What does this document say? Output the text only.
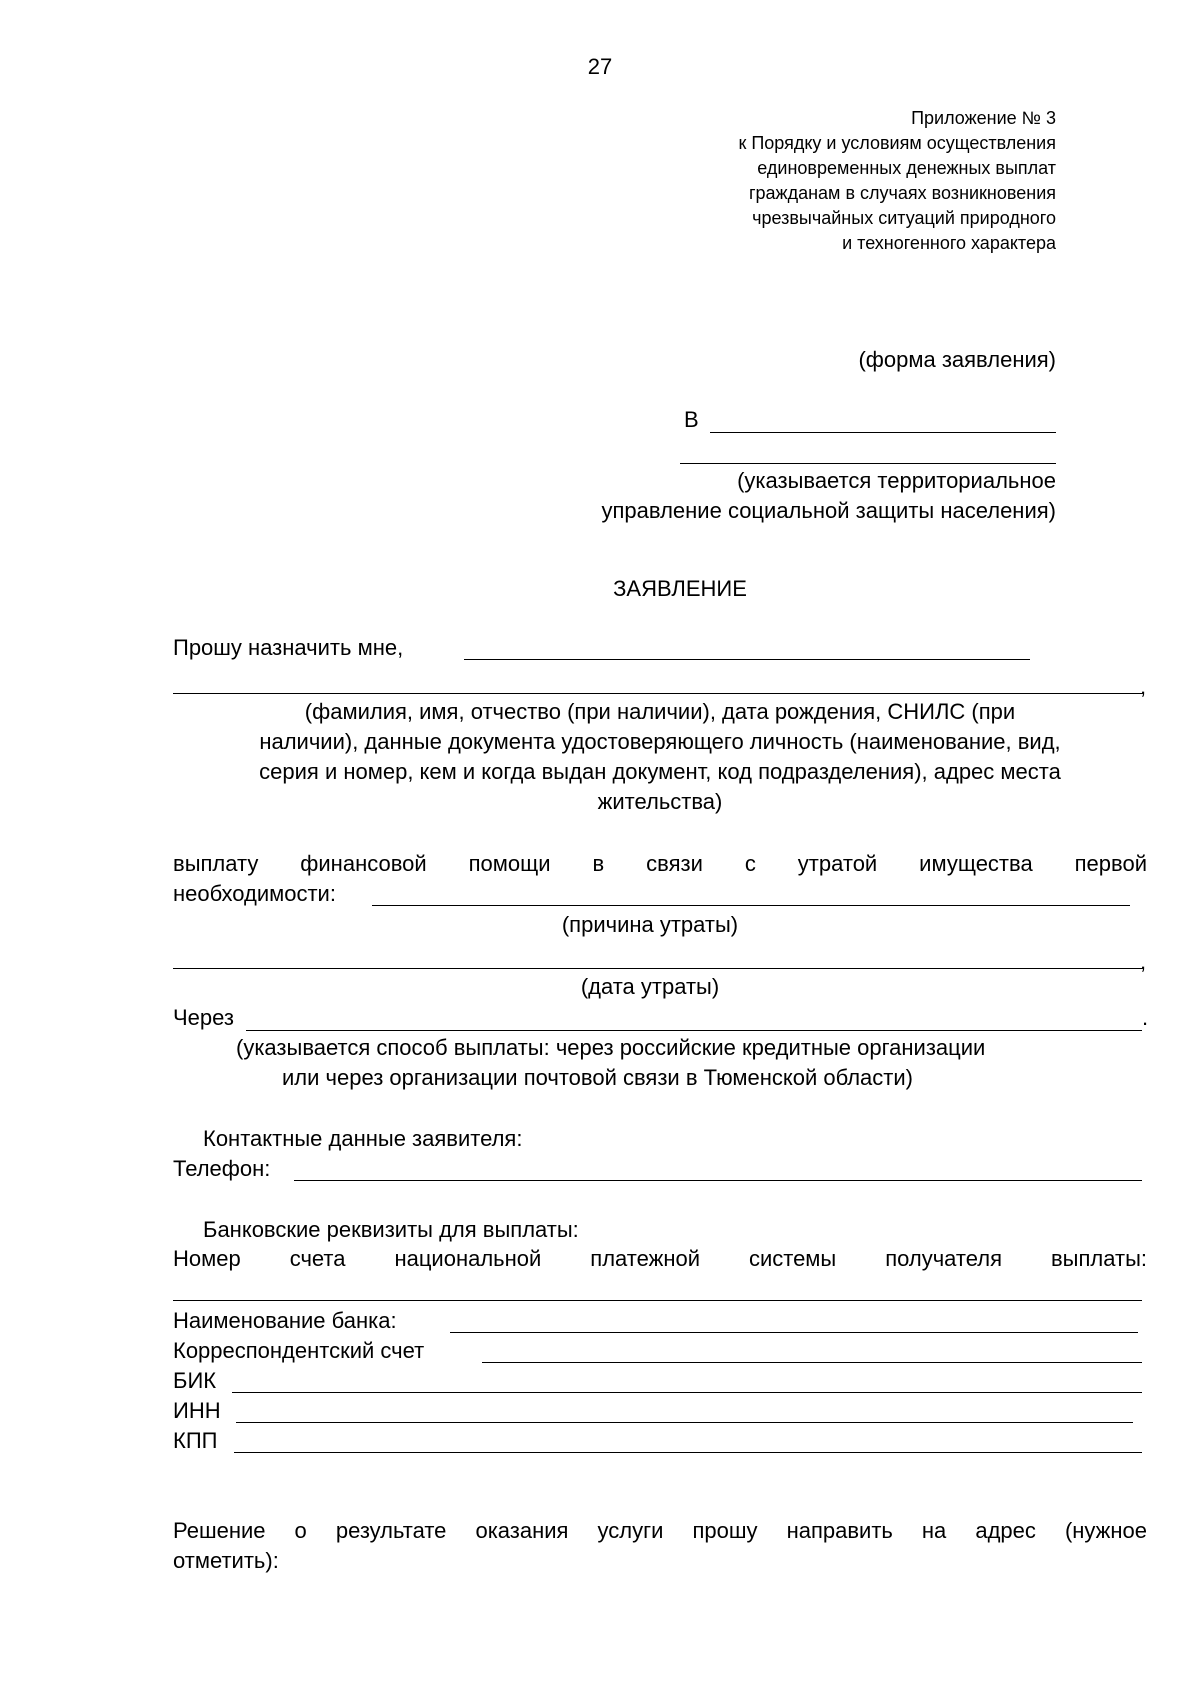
27
Приложение № 3
к Порядку и условиям осуществления
единовременных денежных выплат
гражданам в случаях возникновения
чрезвычайных ситуаций природного
и техногенного характера
(форма заявления)
В
(указывается территориальное
управление социальной защиты населения)
ЗАЯВЛЕНИЕ
Прошу назначить мне,
,
(фамилия, имя, отчество (при наличии), дата рождения, СНИЛС (при
наличии), данные документа удостоверяющего личность (наименование, вид,
серия и номер, кем и когда выдан документ, код подразделения), адрес места
жительства)
выплату финансовой помощи в связи с утратой имущества первой
необходимости:
(причина утраты)
,
(дата утраты)
Через	.
(указывается способ выплаты: через российские кредитные организации
или через организации почтовой связи в Тюменской области)
Контактные данные заявителя:
Телефон:
Банковские реквизиты для выплаты:
Номер счета национальной платежной системы получателя выплаты:
Наименование банка:
Корреспондентский счет
БИК
ИНН
КПП
Решение о результате оказания услуги прошу направить на адрес (нужное
отметить):
